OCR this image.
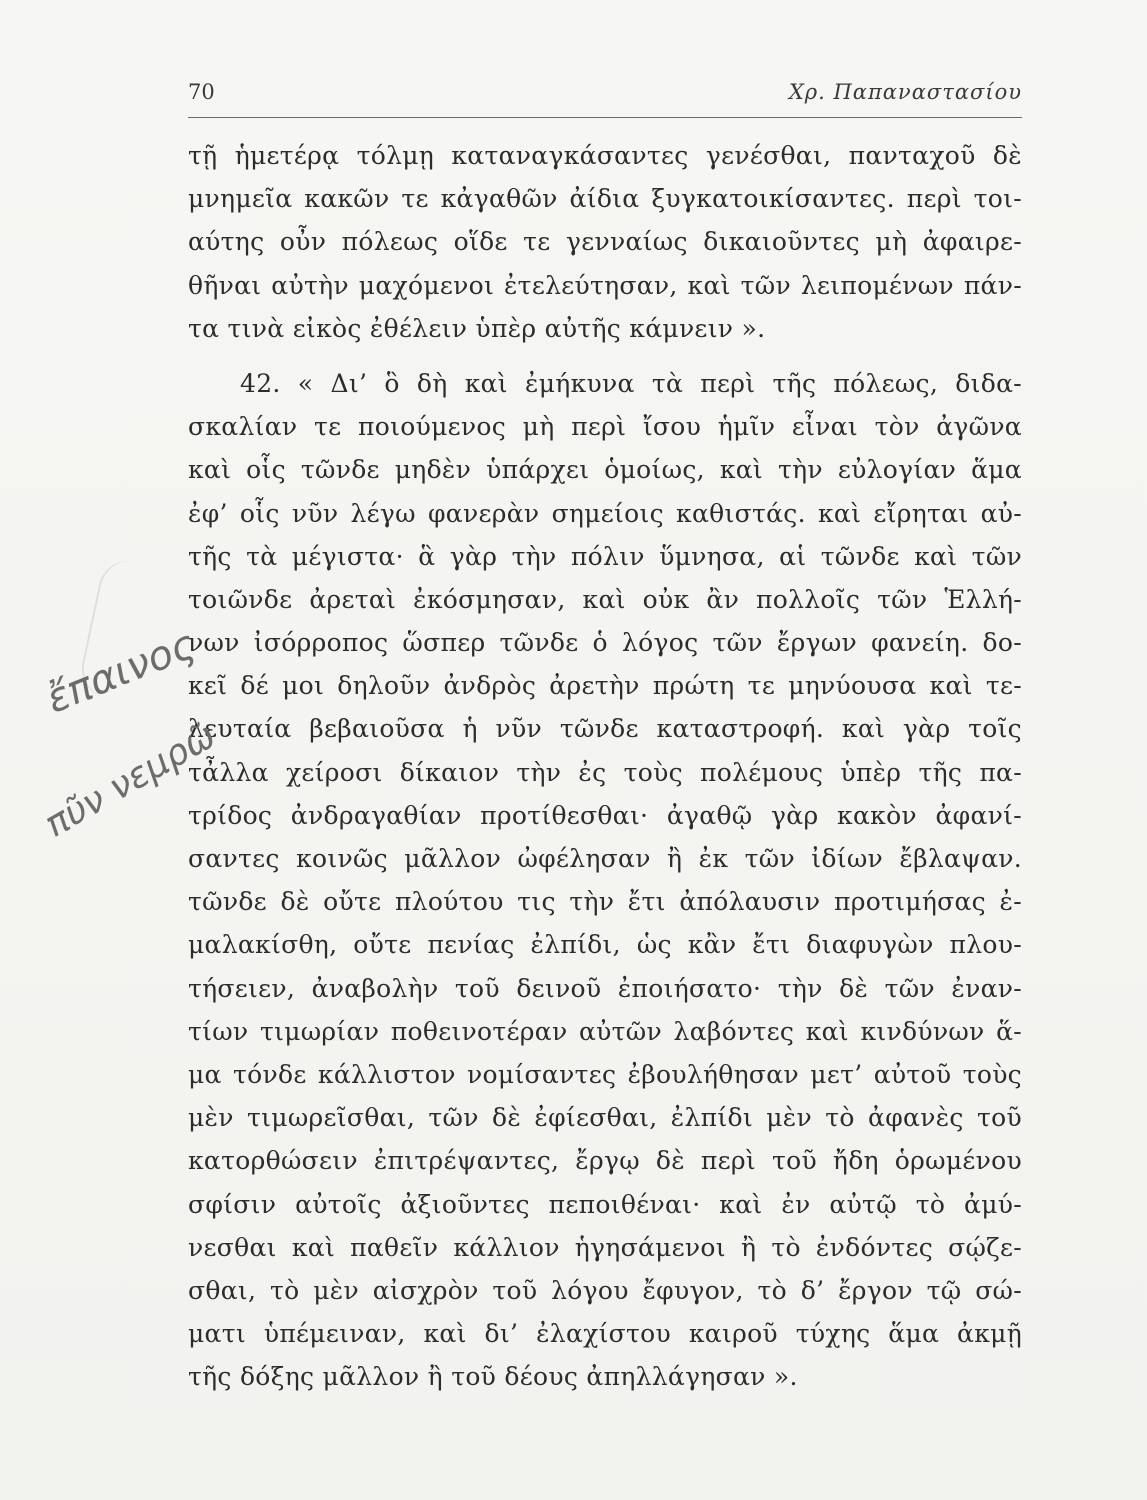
70	Χρ. Παπαναστασίου
τῇ ἡμετέρᾳ τόλμῃ καταναγκάσαντες γενέσθαι, πανταχοῦ δὲ
μνημεῖα κακῶν τε κἀγαθῶν ἀίδια ξυγκατοικίσαντες. περὶ τοι-
αύτης οὖν πόλεως οἵδε τε γενναίως δικαιοῦντες μὴ ἀφαιρε-
θῆναι αὐτὴν μαχόμενοι ἐτελεύτησαν, καὶ τῶν λειπομένων πάν-
τα τινὰ εἰκὸς ἐθέλειν ὑπὲρ αὐτῆς κάμνειν ».
42. « Δι’ ὃ δὴ καὶ ἐμήκυνα τὰ περὶ τῆς πόλεως, διδα-
σκαλίαν τε ποιούμενος μὴ περὶ ἴσου ἡμῖν εἶναι τὸν ἀγῶνα
καὶ οἷς τῶνδε μηδὲν ὑπάρχει ὁμοίως, καὶ τὴν εὐλογίαν ἅμα
ἐφ’ οἷς νῦν λέγω φανερὰν σημείοις καθιστάς. καὶ εἴρηται αὐ-
τῆς τὰ μέγιστα· ἃ γὰρ τὴν πόλιν ὕμνησα, αἱ τῶνδε καὶ τῶν
τοιῶνδε ἀρεταὶ ἐκόσμησαν, καὶ οὐκ ἂν πολλοῖς τῶν Ἑλλή-
νων ἰσόρροπος ὥσπερ τῶνδε ὁ λόγος τῶν ἔργων φανείη. δο-
κεῖ δέ μοι δηλοῦν ἀνδρὸς ἀρετὴν πρώτη τε μηνύουσα καὶ τε-
λευταία βεβαιοῦσα ἡ νῦν τῶνδε καταστροφή. καὶ γὰρ τοῖς
τἆλλα χείροσι δίκαιον τὴν ἐς τοὺς πολέμους ὑπὲρ τῆς πα-
τρίδος ἀνδραγαθίαν προτίθεσθαι· ἀγαθῷ γὰρ κακὸν ἀφανί-
σαντες κοινῶς μᾶλλον ὠφέλησαν ἢ ἐκ τῶν ἰδίων ἔβλαψαν.
τῶνδε δὲ οὔτε πλούτου τις τὴν ἔτι ἀπόλαυσιν προτιμήσας ἐ-
μαλακίσθη, οὔτε πενίας ἐλπίδι, ὡς κἂν ἔτι διαφυγὼν πλου-
τήσειεν, ἀναβολὴν τοῦ δεινοῦ ἐποιήσατο· τὴν δὲ τῶν ἐναν-
τίων τιμωρίαν ποθεινοτέραν αὐτῶν λαβόντες καὶ κινδύνων ἅ-
μα τόνδε κάλλιστον νομίσαντες ἐβουλήθησαν μετ’ αὐτοῦ τοὺς
μὲν τιμωρεῖσθαι, τῶν δὲ ἐφίεσθαι, ἐλπίδι μὲν τὸ ἀφανὲς τοῦ
κατορθώσειν ἐπιτρέψαντες, ἔργῳ δὲ περὶ τοῦ ἤδη ὁρωμένου
σφίσιν αὐτοῖς ἀξιοῦντες πεποιθέναι· καὶ ἐν αὐτῷ τὸ ἀμύ-
νεσθαι καὶ παθεῖν κάλλιον ἡγησάμενοι ἢ τὸ ἐνδόντες σῴζε-
σθαι, τὸ μὲν αἰσχρὸν τοῦ λόγου ἔφυγον, τὸ δ’ ἔργον τῷ σώ-
ματι ὑπέμειναν, καὶ δι’ ἐλαχίστου καιροῦ τύχης ἅμα ἀκμῇ
τῆς δόξης μᾶλλον ἢ τοῦ δέους ἀπηλλάγησαν ».
ἔπαινος
πῦν νεμρῶ
